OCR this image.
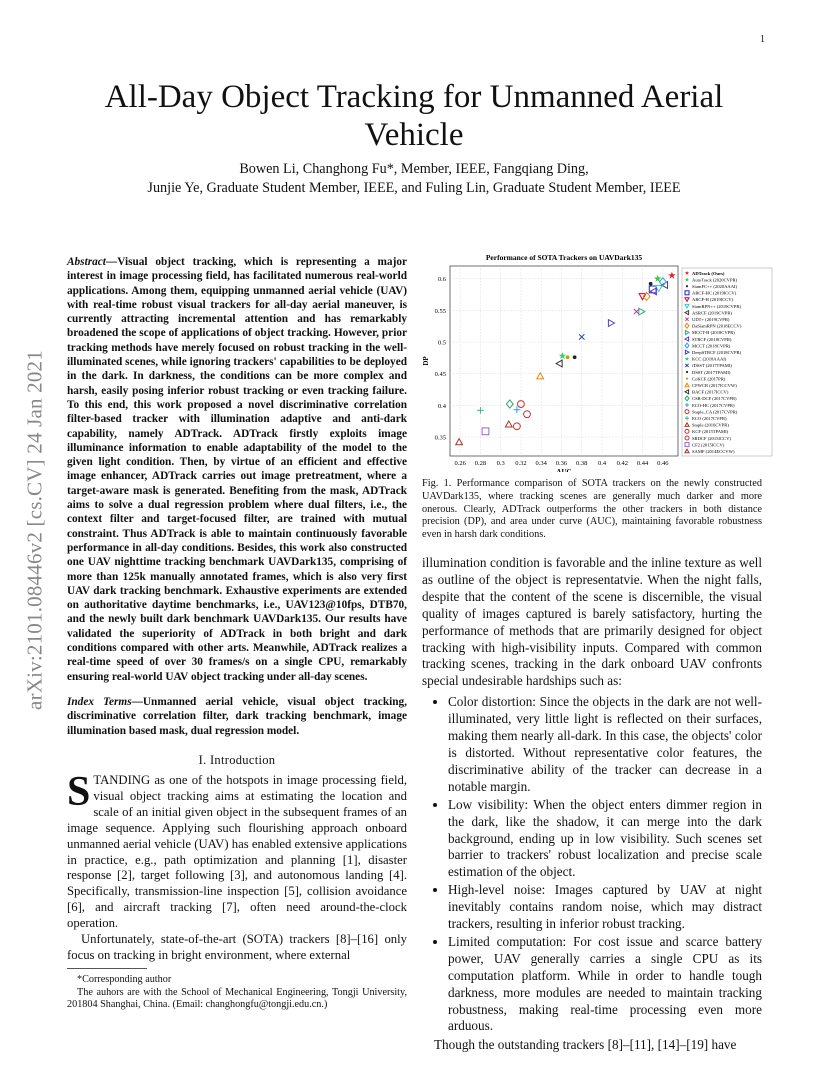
1
arXiv:2101.08446v2 [cs.CV] 24 Jan 2021
All-Day Object Tracking for Unmanned Aerial Vehicle
Bowen Li, Changhong Fu*, Member, IEEE, Fangqiang Ding,
Junjie Ye, Graduate Student Member, IEEE, and Fuling Lin, Graduate Student Member, IEEE
Abstract—Visual object tracking, which is representing a major interest in image processing field, has facilitated numerous real-world applications. Among them, equipping unmanned aerial vehicle (UAV) with real-time robust visual trackers for all-day aerial maneuver, is currently attracting incremental attention and has remarkably broadened the scope of applications of object tracking. However, prior tracking methods have merely focused on robust tracking in the well-illuminated scenes, while ignoring trackers' capabilities to be deployed in the dark. In darkness, the conditions can be more complex and harsh, easily posing inferior robust tracking or even tracking failure. To this end, this work proposed a novel discriminative correlation filter-based tracker with illumination adaptive and anti-dark capability, namely ADTrack. ADTrack firstly exploits image illuminance information to enable adaptability of the model to the given light condition. Then, by virtue of an efficient and effective image enhancer, ADTrack carries out image pretreatment, where a target-aware mask is generated. Benefiting from the mask, ADTrack aims to solve a dual regression problem where dual filters, i.e., the context filter and target-focused filter, are trained with mutual constraint. Thus ADTrack is able to maintain continuously favorable performance in all-day conditions. Besides, this work also constructed one UAV nighttime tracking benchmark UAVDark135, comprising of more than 125k manually annotated frames, which is also very first UAV dark tracking benchmark. Exhaustive experiments are extended on authoritative daytime benchmarks, i.e., UAV123@10fps, DTB70, and the newly built dark benchmark UAVDark135. Our results have validated the superiority of ADTrack in both bright and dark conditions compared with other arts. Meanwhile, ADTrack realizes a real-time speed of over 30 frames/s on a single CPU, remarkably ensuring real-world UAV object tracking under all-day scenes.
Index Terms—Unmanned aerial vehicle, visual object tracking, discriminative correlation filter, dark tracking benchmark, image illumination based mask, dual regression model.
I. Introduction
STANDING as one of the hotspots in image processing field, visual object tracking aims at estimating the location and scale of an initial given object in the subsequent frames of an image sequence. Applying such flourishing approach onboard unmanned aerial vehicle (UAV) has enabled extensive applications in practice, e.g., path optimization and planning [1], disaster response [2], target following [3], and autonomous landing [4]. Specifically, transmission-line inspection [5], collision avoidance [6], and aircraft tracking [7], often need around-the-clock operation.
Unfortunately, state-of-the-art (SOTA) trackers [8]–[16] only focus on tracking in bright environment, where external
*Corresponding author
The auhors are with the School of Mechanical Engineering, Tongji University, 201804 Shanghai, China. (Email: changhongfu@tongji.edu.cn.)
Performance of SOTA Trackers on UAVDark135
0.26 0.28 0.3 0.32 0.34 0.36 0.38 0.4 0.42 0.44 0.46
0.35
0.4
0.45
0.5
0.55
0.6
AUC
DP
ADTrack (Ours)
AutoTrack (2020CVPR)
SiamFC++ (2020AAAI)
ARCF-HC (2019ICCV)
ARCF-H (2019ICCV)
SiamRPN++ (2019CVPR)
ASRCF (2019CVPR)
UDT+ (2019CVPR)
DaSiamRPN (2018ECCV)
MCCT-H (2018CVPR)
STRCF (2018CVPR)
MCCT (2018CVPR)
DeepSTRCF (2018CVPR)
KCC (2018AAAI)
fDSST (2017TPAMI)
DSST (2017TPAMI)
CoKCF (2017PR)
CFWCR (2017ICCVW)
BACF (2017ICCV)
CSR-DCF (2017CVPR)
ECO-HC (2017CVPR)
Staple_CA (2017CVPR)
ECO (2017CVPR)
Staple (2016CVPR)
KCF (2015TPAMI)
SRDCF (2015ICCV)
CF2 (2015ICCV)
SAMF (2014ECCVW)
Fig. 1. Performance comparison of SOTA trackers on the newly constructed UAVDark135, where tracking scenes are generally much darker and more onerous. Clearly, ADTrack outperforms the other trackers in both distance precision (DP), and area under curve (AUC), maintaining favorable robustness even in harsh dark conditions.
illumination condition is favorable and the inline texture as well as outline of the object is representatvie. When the night falls, despite that the content of the scene is discernible, the visual quality of images captured is barely satisfactory, hurting the performance of methods that are primarily designed for object tracking with high-visibility inputs. Compared with common tracking scenes, tracking in the dark onboard UAV confronts special undesirable hardships such as:
• Color distortion: Since the objects in the dark are not well-illuminated, very little light is reflected on their surfaces, making them nearly all-dark. In this case, the objects' color is distorted. Without representative color features, the discriminative ability of the tracker can decrease in a notable margin.
• Low visibility: When the object enters dimmer region in the dark, like the shadow, it can merge into the dark background, ending up in low visibility. Such scenes set barrier to trackers' robust localization and precise scale estimation of the object.
• High-level noise: Images captured by UAV at night inevitably contains random noise, which may distract trackers, resulting in inferior robust tracking.
• Limited computation: For cost issue and scarce battery power, UAV generally carries a single CPU as its computation platform. While in order to handle tough darkness, more modules are needed to maintain tracking robustness, making real-time processing even more arduous.
Though the outstanding trackers [8]–[11], [14]–[19] have
